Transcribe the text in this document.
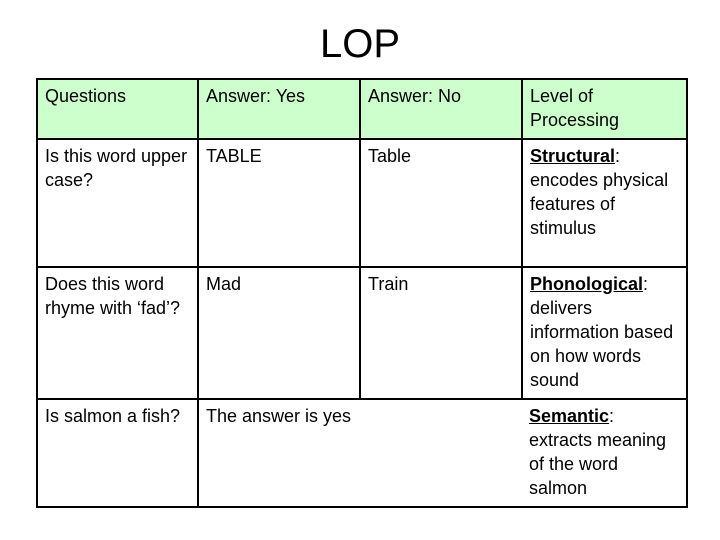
LOP
Questions	Answer: Yes	Answer: No	Level of Processing
Is this word upper case?	TABLE	Table	Structural: encodes physical features of stimulus
Does this word rhyme with ‘fad’?	Mad	Train	Phonological: delivers information based on how words sound
Is salmon a fish?	The answer is yes		Semantic: extracts meaning of the word salmon
